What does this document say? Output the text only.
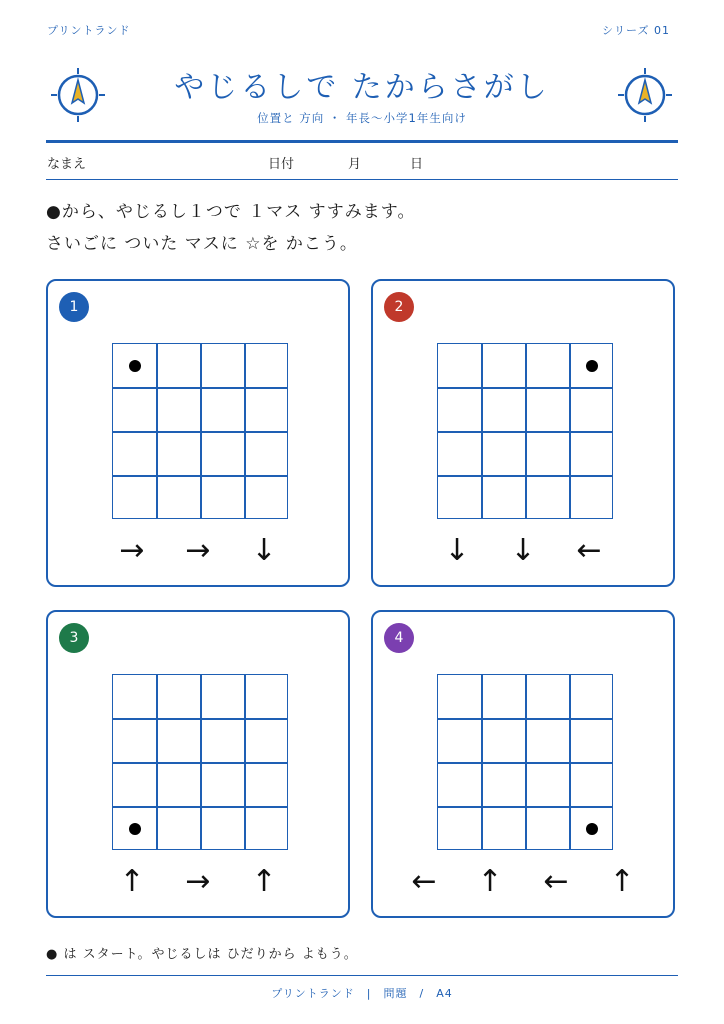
プリントランド	シリーズ 01
やじるしで たからさがし
位置と 方向 ・ 年長〜小学1年生向け
なまえ	日付	月	日
●から、やじるし１つで １マス すすみます。
さいごに ついた マスに ☆を かこう。
1
→ → ↓
2
↓ ↓ ←
3
↑ → ↑
4
← ↑ ← ↑
● は スタート。やじるしは ひだりから よもう。
プリントランド　|　問題　/　A4
